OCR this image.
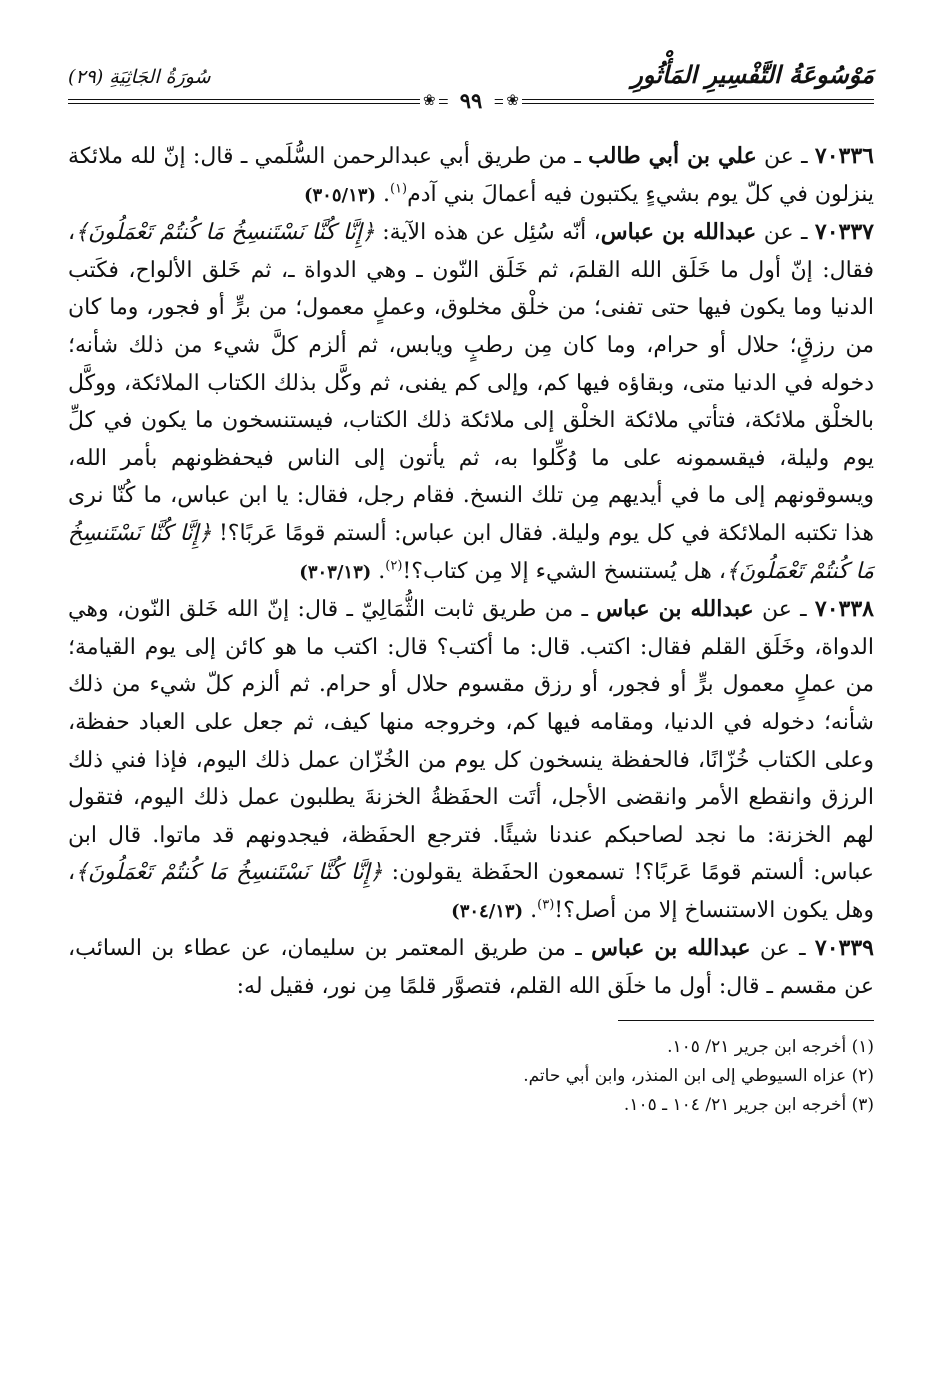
مَوْسُوعَةُ التَّفْسِيرِ المَأْثُورِ
❀
٩٩
❀
سُورَةُ الجَاثِيَةِ (٢٩)

٧٠٣٣٦ ـ عن علي بن أبي طالب ـ من طريق أبي عبدالرحمن السُّلَمي ـ قال: إنّ لله ملائكة ينزلون في كلّ يوم بشيءٍ يكتبون فيه أعمالَ بني آدم$^{(١)}$. (٣٠٥/١٣)

٧٠٣٣٧ ـ عن عبدالله بن عباس، أنّه سُئِل عن هذه الآية: ﴿إِنَّا كُنَّا نَسْتَنسِخُ مَا كُنتُمْ تَعْمَلُونَ﴾، فقال: إنّ أول ما خَلَق الله القلمَ، ثم خَلَق النّون ـ وهي الدواة ـ، ثم خَلق الألواح، فكَتب الدنيا وما يكون فيها حتى تفنى؛ من خلْق مخلوق، وعملٍ معمول؛ من برٍّ أو فجور، وما كان من رزقٍ؛ حلال أو حرام، وما كان مِن رطبٍ ويابس، ثم ألزم كلَّ شيء من ذلك شأنه؛ دخوله في الدنيا متى، وبقاؤه فيها كم، وإلى كم يفنى، ثم وكَّل بذلك الكتاب الملائكة، ووكَّل بالخلْق ملائكة، فتأتي ملائكة الخلْق إلى ملائكة ذلك الكتاب، فيستنسخون ما يكون في كلِّ يوم وليلة، فيقسمونه على ما وُكِّلوا به، ثم يأتون إلى الناس فيحفظونهم بأمر الله، ويسوقونهم إلى ما في أيديهم مِن تلك النسخ. فقام رجل، فقال: يا ابن عباس، ما كُنّا نرى هذا تكتبه الملائكة في كل يوم وليلة. فقال ابن عباس: ألستم قومًا عَربًا؟! ﴿إِنَّا كُنَّا نَسْتَنسِخُ مَا كُنتُمْ تَعْمَلُونَ﴾، هل يُستنسخ الشيء إلا مِن كتاب؟!$^{(٢)}$. (٣٠٣/١٣)

٧٠٣٣٨ ـ عن عبدالله بن عباس ـ من طريق ثابت الثُّمَالِيّ ـ قال: إنّ الله خَلق النّون، وهي الدواة، وخَلَق القلم فقال: اكتب. قال: ما أكتب؟ قال: اكتب ما هو كائن إلى يوم القيامة؛ من عملٍ معمول برٍّ أو فجور، أو رزق مقسوم حلال أو حرام. ثم ألزم كلّ شيء من ذلك شأنه؛ دخوله في الدنيا، ومقامه فيها كم، وخروجه منها كيف، ثم جعل على العباد حفظة، وعلى الكتاب خُزّانًا، فالحفظة ينسخون كل يوم من الخُزّان عمل ذلك اليوم، فإذا فني ذلك الرزق وانقطع الأمر وانقضى الأجل، أتَت الحفَظةُ الخزنةَ يطلبون عمل ذلك اليوم، فتقول لهم الخزنة: ما نجد لصاحبكم عندنا شيئًا. فترجع الحفَظة، فيجدونهم قد ماتوا. قال ابن عباس: ألستم قومًا عَربًا؟! تسمعون الحفَظة يقولون: ﴿إِنَّا كُنَّا نَسْتَنسِخُ مَا كُنتُمْ تَعْمَلُونَ﴾، وهل يكون الاستنساخ إلا من أصل؟!$^{(٣)}$. (٣٠٤/١٣)

٧٠٣٣٩ ـ عن عبدالله بن عباس ـ من طريق المعتمر بن سليمان، عن عطاء بن السائب، عن مقسم ـ قال: أول ما خلَق الله القلم، فتصوَّر قلمًا مِن نور، فقيل له:

(١) أخرجه ابن جرير ٢١/ ١٠٥.

(٢) عزاه السيوطي إلى ابن المنذر، وابن أبي حاتم.

(٣) أخرجه ابن جرير ٢١/ ١٠٤ ـ ١٠٥.
